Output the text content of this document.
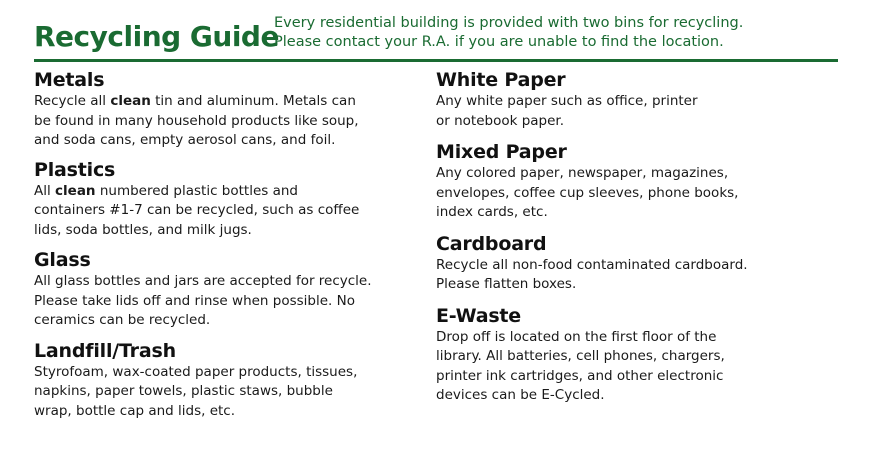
Recycling Guide
Every residential building is provided with two bins for recycling.
Please contact your R.A. if you are unable to find the location.
Metals

Recycle all clean tin and aluminum. Metals can
be found in many household products like soup,
and soda cans, empty aerosol cans, and foil.

Plastics

All clean numbered plastic bottles and
containers #1-7 can be recycled, such as coffee
lids, soda bottles, and milk jugs.

Glass

All glass bottles and jars are accepted for recycle.
Please take lids off and rinse when possible. No
ceramics can be recycled.

Landfill/Trash

Styrofoam, wax-coated paper products, tissues,
napkins, paper towels, plastic staws, bubble
wrap, bottle cap and lids, etc.

White Paper

Any white paper such as office, printer
or notebook paper.

Mixed Paper

Any colored paper, newspaper, magazines,
envelopes, coffee cup sleeves, phone books,
index cards, etc.

Cardboard

Recycle all non-food contaminated cardboard.
Please flatten boxes.

E-Waste

Drop off is located on the first floor of the
library. All batteries, cell phones, chargers,
printer ink cartridges, and other electronic
devices can be E-Cycled.
